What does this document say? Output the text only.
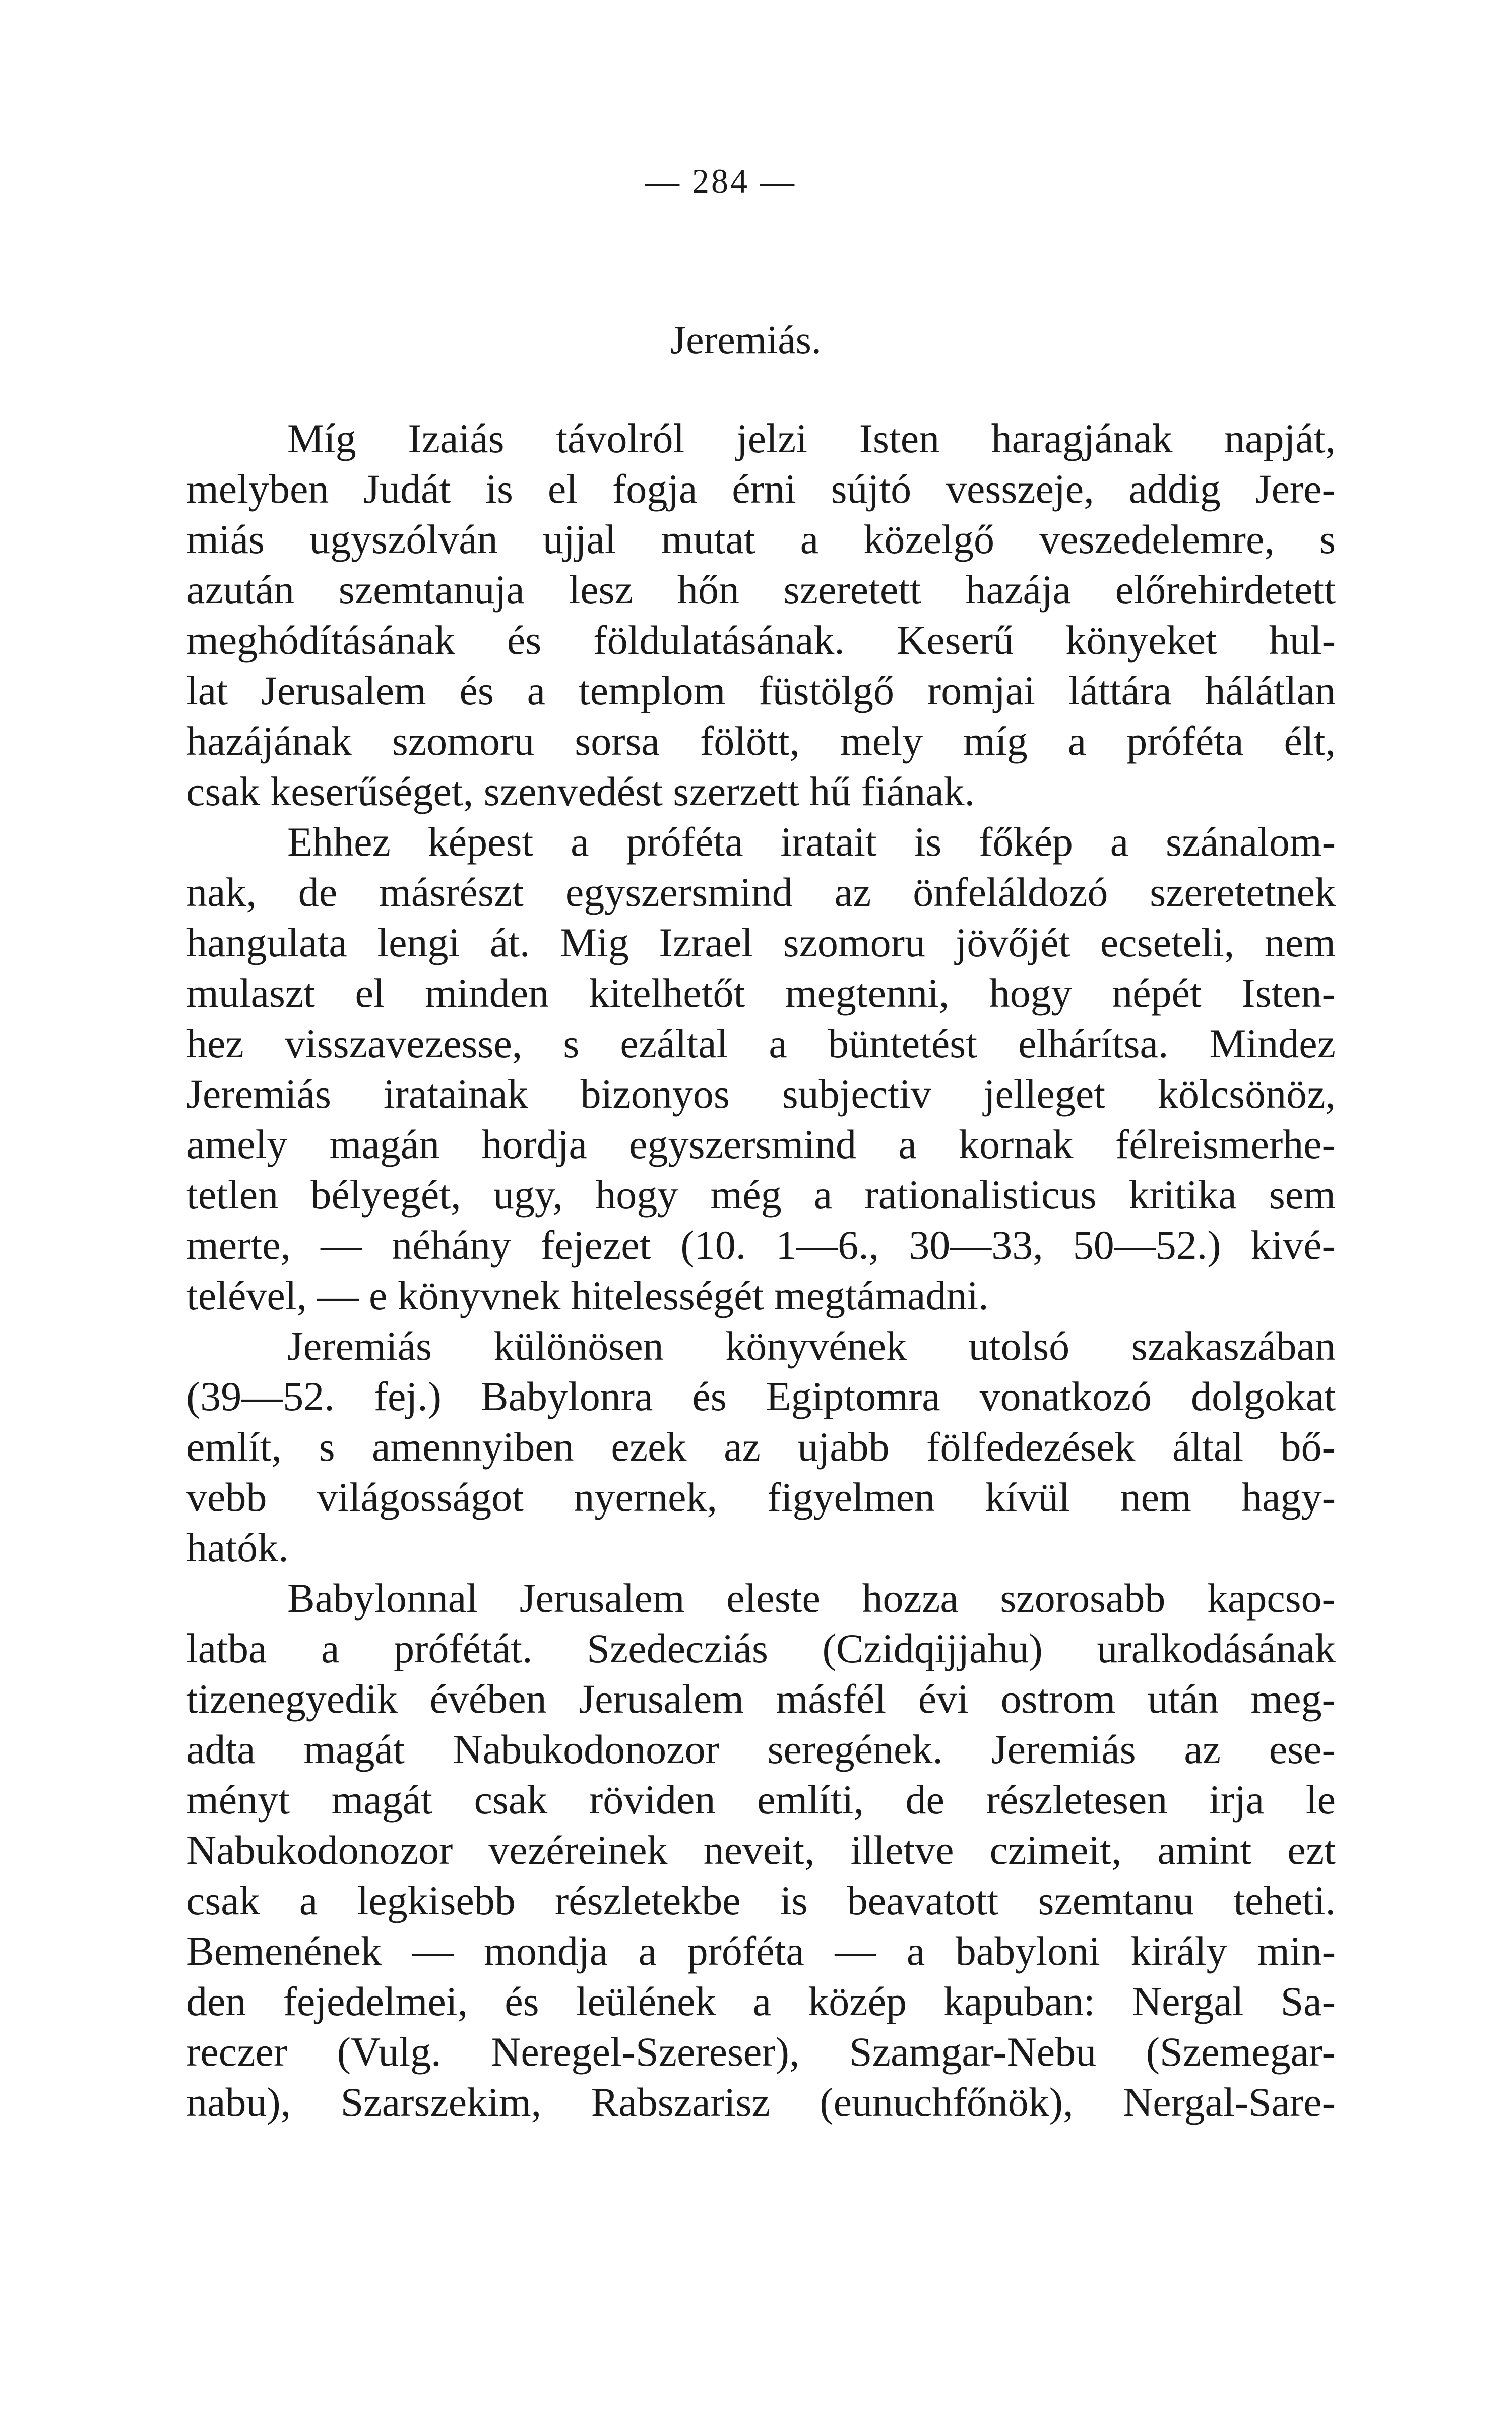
— 284 —
Jeremiás.
Míg Izaiás távolról jelzi Isten haragjának napját,
melyben Judát is el fogja érni sújtó vesszeje, addig Jere-
miás ugyszólván ujjal mutat a közelgő veszedelemre, s
azután szemtanuja lesz hőn szeretett hazája előrehirdetett
meghódításának és földulatásának. Keserű könyeket hul-
lat Jerusalem és a templom füstölgő romjai láttára hálátlan
hazájának szomoru sorsa fölött, mely míg a próféta élt,
csak keserűséget, szenvedést szerzett hű fiának.
Ehhez képest a próféta iratait is főkép a szánalom-
nak, de másrészt egyszersmind az önfeláldozó szeretetnek
hangulata lengi át. Mig Izrael szomoru jövőjét ecseteli, nem
mulaszt el minden kitelhetőt megtenni, hogy népét Isten-
hez visszavezesse, s ezáltal a büntetést elhárítsa. Mindez
Jeremiás iratainak bizonyos subjectiv jelleget kölcsönöz,
amely magán hordja egyszersmind a kornak félreismerhe-
tetlen bélyegét, ugy, hogy még a rationalisticus kritika sem
merte, — néhány fejezet (10. 1—6., 30—33, 50—52.) kivé-
telével, — e könyvnek hitelességét megtámadni.
Jeremiás különösen könyvének utolsó szakaszában
(39—52. fej.) Babylonra és Egiptomra vonatkozó dolgokat
említ, s amennyiben ezek az ujabb fölfedezések által bő-
vebb világosságot nyernek, figyelmen kívül nem hagy-
hatók.
Babylonnal Jerusalem eleste hozza szorosabb kapcso-
latba a prófétát. Szedecziás (Czidqijjahu) uralkodásának
tizenegyedik évében Jerusalem másfél évi ostrom után meg-
adta magát Nabukodonozor seregének. Jeremiás az ese-
ményt magát csak röviden említi, de részletesen irja le
Nabukodonozor vezéreinek neveit, illetve czimeit, amint ezt
csak a legkisebb részletekbe is beavatott szemtanu teheti.
Bemenének — mondja a próféta — a babyloni király min-
den fejedelmei, és leülének a közép kapuban: Nergal Sa-
reczer (Vulg. Neregel-Szereser), Szamgar-Nebu (Szemegar-
nabu), Szarszekim, Rabszarisz (eunuchfőnök), Nergal-Sare-
